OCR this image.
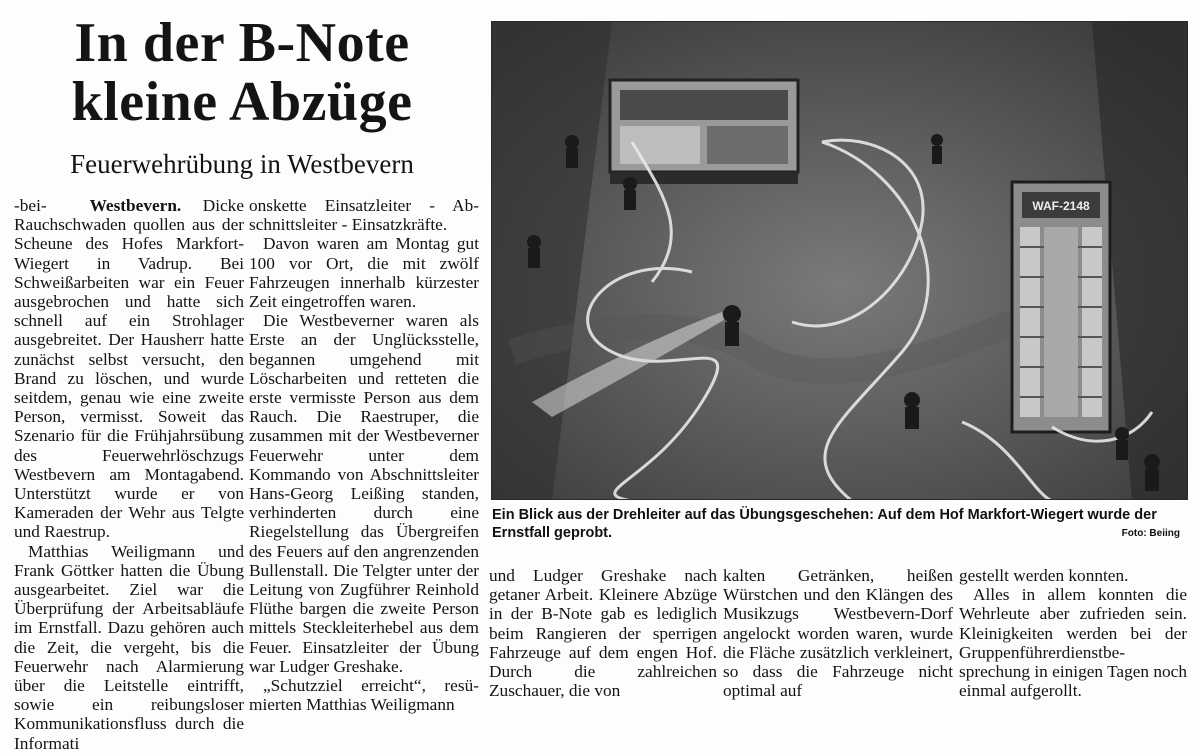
In der B-Note
kleine Abzüge
Feuerwehrübung in Westbevern

-bei- Westbevern. Dicke Rauchschwaden quollen aus der Scheune des Hofes Markfort-Wiegert in Vadrup. Bei Schweißarbeiten war ein Feuer ausgebrochen und hatte sich schnell auf ein Strohlager ausgebreitet. Der Hausherr hatte zunächst selbst versucht, den Brand zu löschen, und wurde seitdem, genau wie eine zweite Person, vermisst. Soweit das Szenario für die Frühjahrsübung des Feuerwehrlöschzugs Westbevern am Montagabend. Unterstützt wurde er von Kameraden der Wehr aus Telgte und Raestrup.

Matthias Weiligmann und Frank Göttker hatten die Übung ausgearbeitet. Ziel war die Überprüfung der Arbeitsabläufe im Ernstfall. Dazu gehören auch die Zeit, die vergeht, bis die Feuerwehr nach Alarmierung über die Leitstelle eintrifft, sowie ein reibungsloser Kommunikationsfluss durch die Informati

onskette Einsatzleiter - Abschnittsleiter - Einsatzkräfte.

Davon waren am Montag gut 100 vor Ort, die mit zwölf Fahrzeugen innerhalb kürzester Zeit eingetroffen waren.

Die Westbeverner waren als Erste an der Unglücksstelle, begannen umgehend mit Löscharbeiten und retteten die erste vermisste Person aus dem Rauch. Die Raestruper, die zusammen mit der Westbeverner Feuerwehr unter dem Kommando von Abschnittsleiter Hans-Georg Leißing standen, verhinderten durch eine Riegelstellung das Übergreifen des Feuers auf den angrenzenden Bullenstall. Die Telgter unter der Leitung von Zugführer Reinhold Flüthe bargen die zweite Person mittels Steckleiterhebel aus dem Feuer. Einsatzleiter der Übung war Ludger Greshake.

„Schutzziel erreicht“, resümierten Matthias Weiligmann

WAF-2148
Ein Blick aus der Drehleiter auf das Übungsgeschehen: Auf dem Hof Markfort-Wiegert wurde der Ernstfall geprobt.	Foto: Beiing

und Ludger Greshake nach getaner Arbeit. Kleinere Abzüge in der B-Note gab es lediglich beim Rangieren der sperrigen Fahrzeuge auf dem engen Hof. Durch die zahlreichen Zuschauer, die von

kalten Getränken, heißen Würstchen und den Klängen des Musikzugs Westbevern-Dorf angelockt worden waren, wurde die Fläche zusätzlich verkleinert, so dass die Fahrzeuge nicht optimal auf

gestellt werden konnten.

Alles in allem konnten die Wehrleute aber zufrieden sein. Kleinigkeiten werden bei der Gruppenführerdienstbesprechung in einigen Tagen noch einmal aufgerollt.
